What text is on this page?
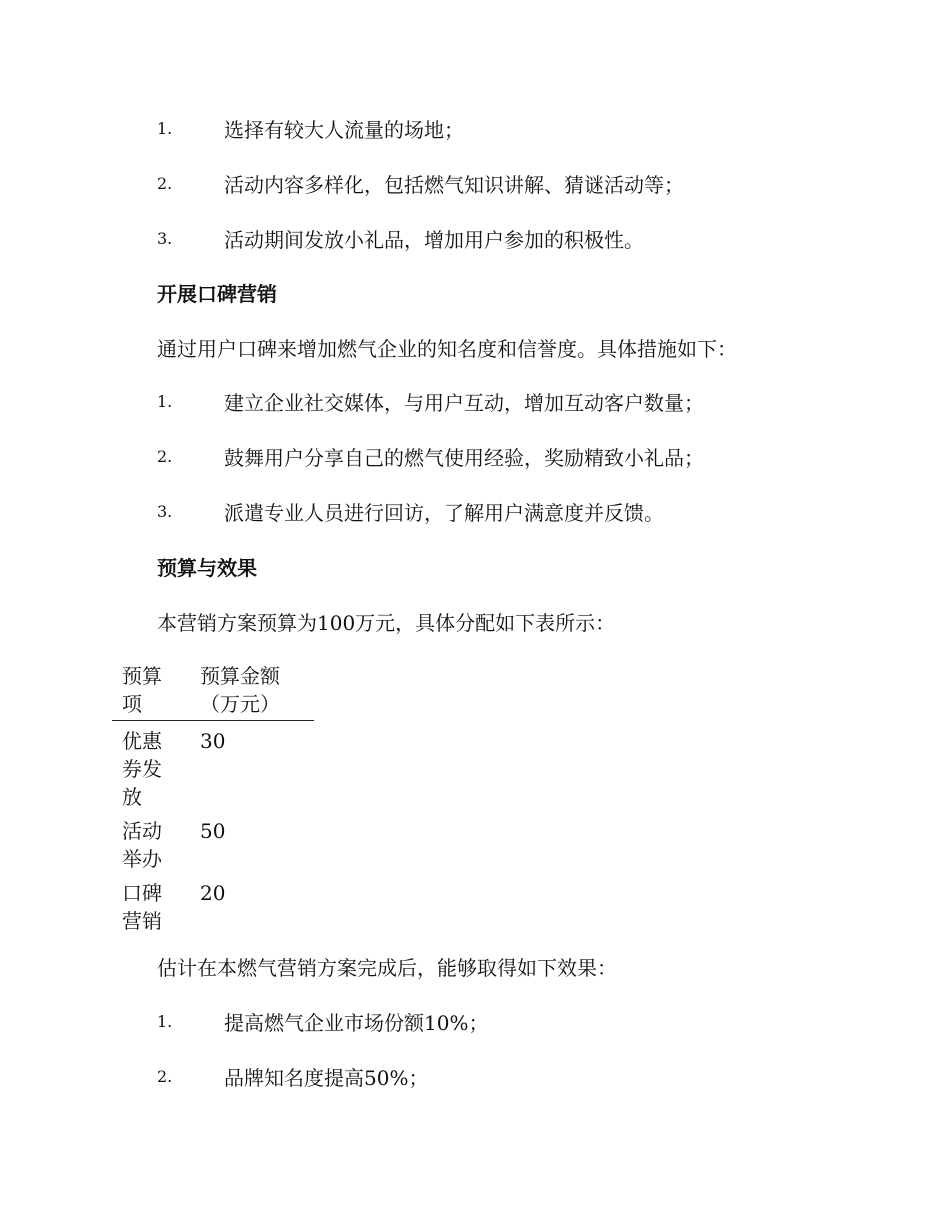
1.	选择有较大人流量的场地；
2.	活动内容多样化，包括燃气知识讲解、猜谜活动等；
3.	活动期间发放小礼品，增加用户参加的积极性。
开展口碑营销
通过用户口碑来增加燃气企业的知名度和信誉度。具体措施如下：
1.	建立企业社交媒体，与用户互动，增加互动客户数量；
2.	鼓舞用户分享自己的燃气使用经验，奖励精致小礼品；
3.	派遣专业人员进行回访，了解用户满意度并反馈。
预算与效果
本营销方案预算为100万元，具体分配如下表所示：
预算项	预算金额（万元）
优惠券发放	30
活动举办	50
口碑营销	20
估计在本燃气营销方案完成后，能够取得如下效果：
1.	提高燃气企业市场份额10%；
2.	品牌知名度提高50%；
